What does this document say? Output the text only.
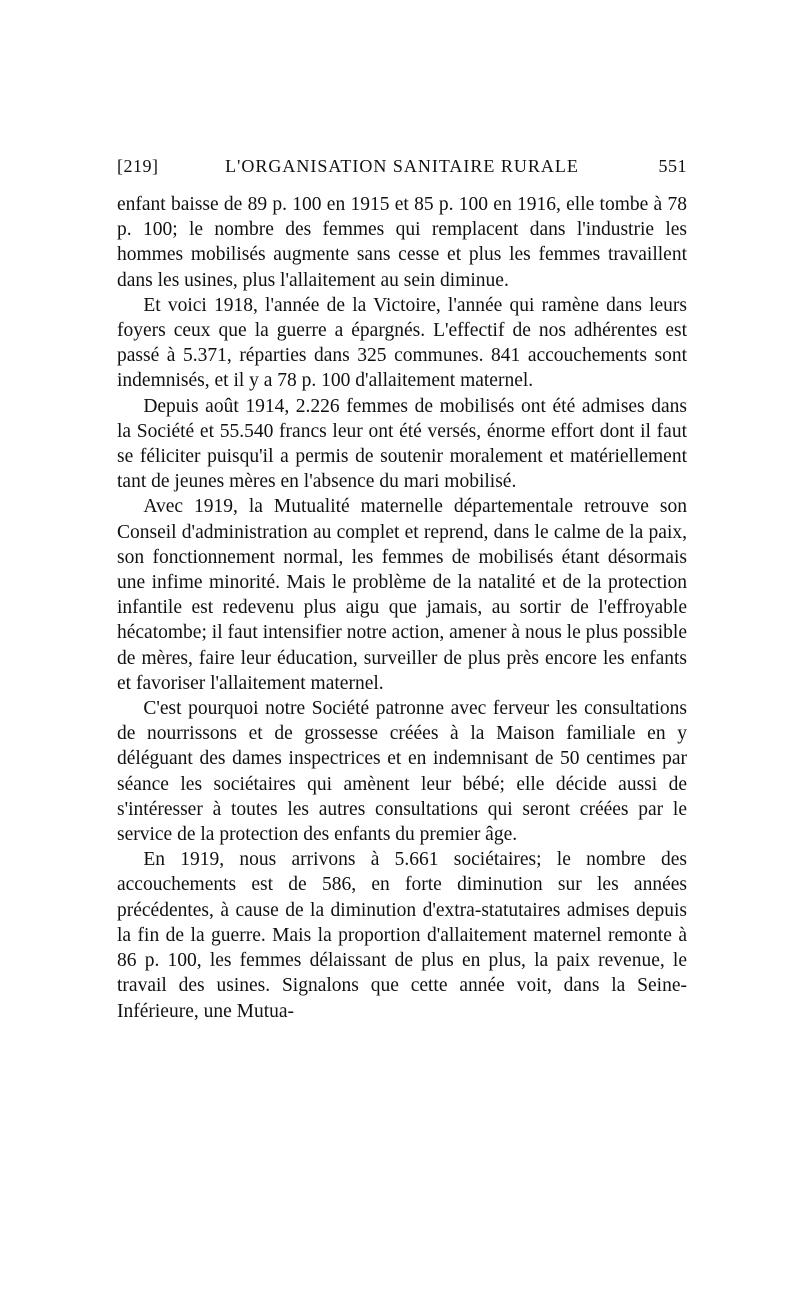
[219]	L'ORGANISATION SANITAIRE RURALE	551

enfant baisse de 89 p. 100 en 1915 et 85 p. 100 en 1916, elle tombe à 78 p. 100; le nombre des femmes qui remplacent dans l'industrie les hommes mobilisés augmente sans cesse et plus les femmes travaillent dans les usines, plus l'allaitement au sein diminue.

Et voici 1918, l'année de la Victoire, l'année qui ramène dans leurs foyers ceux que la guerre a épargnés. L'effectif de nos adhérentes est passé à 5.371, réparties dans 325 communes. 841 accouchements sont indemnisés, et il y a 78 p. 100 d'allaitement maternel.

Depuis août 1914, 2.226 femmes de mobilisés ont été admises dans la Société et 55.540 francs leur ont été versés, énorme effort dont il faut se féliciter puisqu'il a permis de soutenir moralement et matériellement tant de jeunes mères en l'absence du mari mobilisé.

Avec 1919, la Mutualité maternelle départementale retrouve son Conseil d'administration au complet et reprend, dans le calme de la paix, son fonctionnement normal, les femmes de mobilisés étant désormais une infime minorité. Mais le problème de la natalité et de la protection infantile est redevenu plus aigu que jamais, au sortir de l'effroyable hécatombe; il faut intensifier notre action, amener à nous le plus possible de mères, faire leur éducation, surveiller de plus près encore les enfants et favoriser l'allaitement maternel.

C'est pourquoi notre Société patronne avec ferveur les consultations de nourrissons et de grossesse créées à la Maison familiale en y déléguant des dames inspectrices et en indemnisant de 50 centimes par séance les sociétaires qui amènent leur bébé; elle décide aussi de s'intéresser à toutes les autres consultations qui seront créées par le service de la protection des enfants du premier âge.

En 1919, nous arrivons à 5.661 sociétaires; le nombre des accouchements est de 586, en forte diminution sur les années précédentes, à cause de la diminution d'extra-statutaires admises depuis la fin de la guerre. Mais la proportion d'allaitement maternel remonte à 86 p. 100, les femmes délaissant de plus en plus, la paix revenue, le travail des usines. Signalons que cette année voit, dans la Seine-Inférieure, une Mutua-
